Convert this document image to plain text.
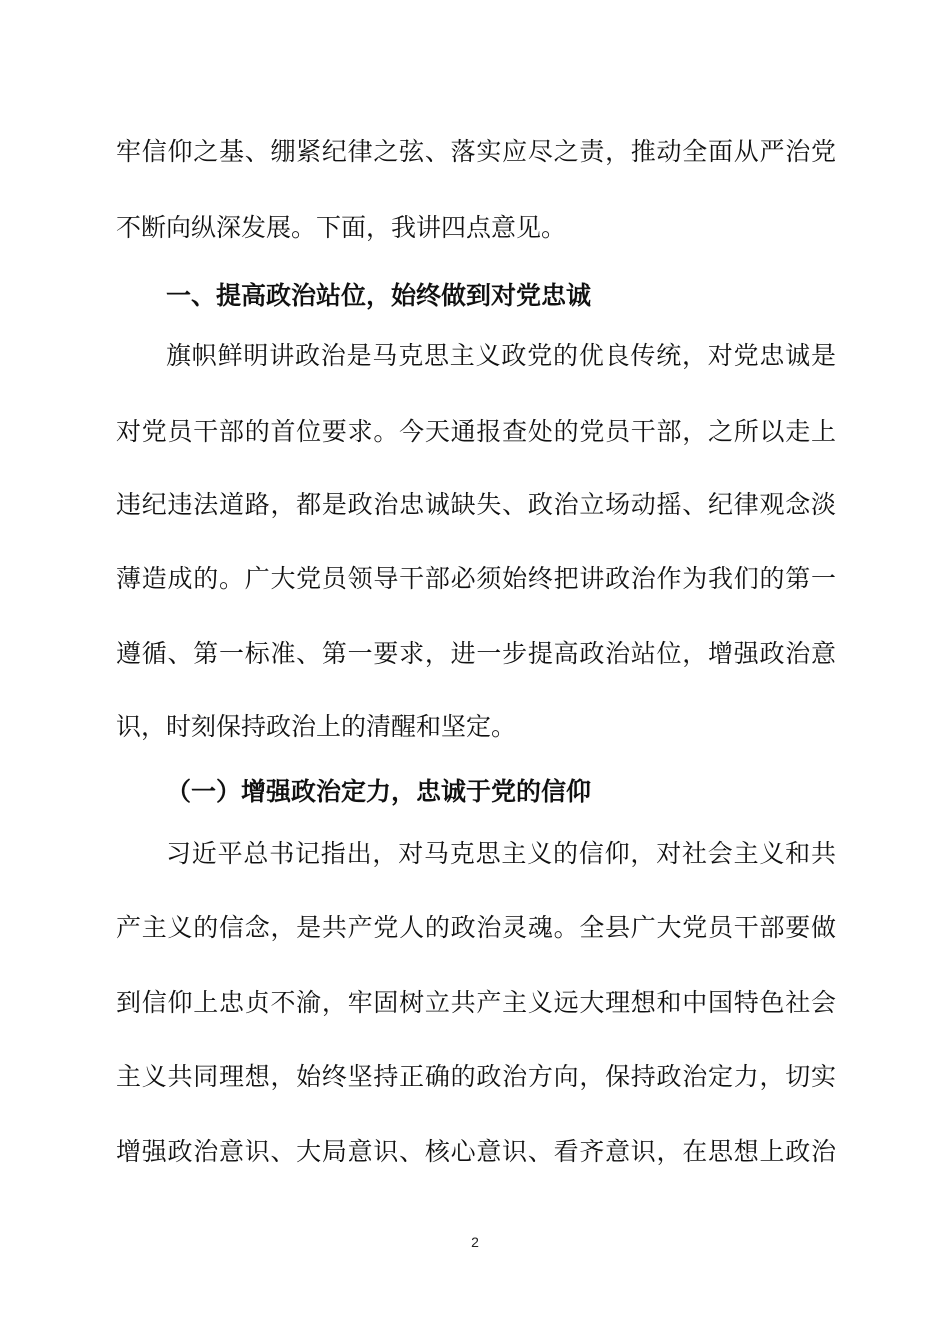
牢信仰之基、绷紧纪律之弦、落实应尽之责，推动全面从严治党
不断向纵深发展。下面，我讲四点意见。
一、提高政治站位，始终做到对党忠诚
旗帜鲜明讲政治是马克思主义政党的优良传统，对党忠诚是
对党员干部的首位要求。今天通报查处的党员干部，之所以走上
违纪违法道路，都是政治忠诚缺失、政治立场动摇、纪律观念淡
薄造成的。广大党员领导干部必须始终把讲政治作为我们的第一
遵循、第一标准、第一要求，进一步提高政治站位，增强政治意
识，时刻保持政治上的清醒和坚定。
（一）增强政治定力，忠诚于党的信仰
习近平总书记指出，对马克思主义的信仰，对社会主义和共
产主义的信念，是共产党人的政治灵魂。全县广大党员干部要做
到信仰上忠贞不渝，牢固树立共产主义远大理想和中国特色社会
主义共同理想，始终坚持正确的政治方向，保持政治定力，切实
增强政治意识、大局意识、核心意识、看齐意识，在思想上政治
2
